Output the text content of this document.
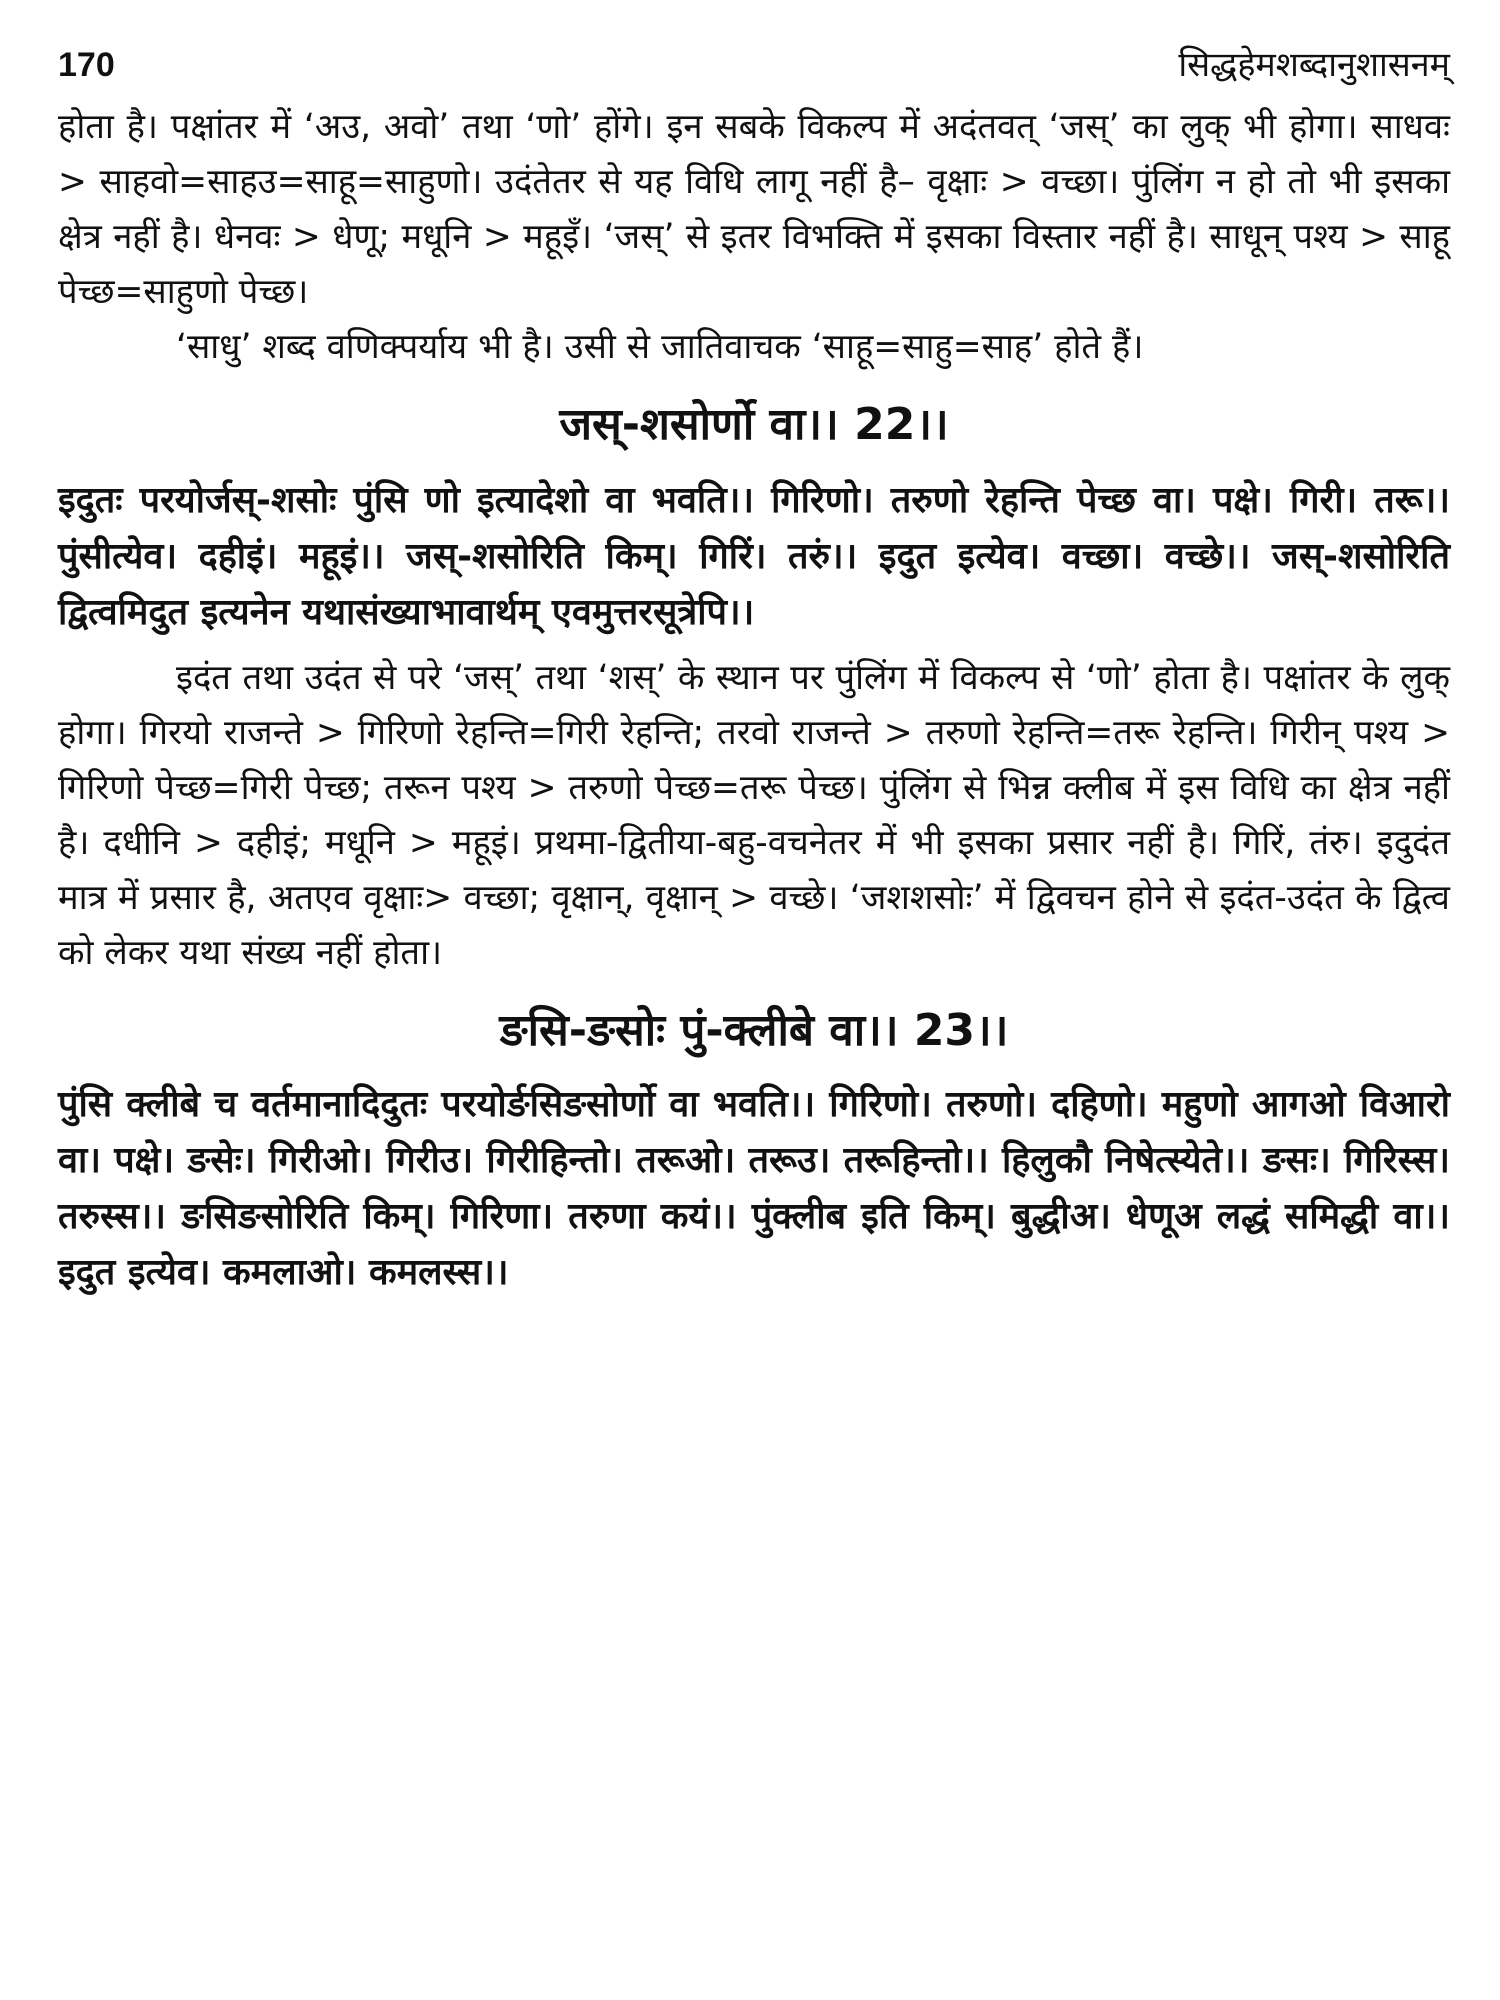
170	सिद्धहेमशब्दानुशासनम्

होता है। पक्षांतर में ‘अउ, अवो’ तथा ‘णो’ होंगे। इन सबके विकल्प में अदंतवत् ‘जस्’ का लुक् भी होगा। साधवः > साहवो=साहउ=साहू=साहुणो। उदंतेतर से यह विधि लागू नहीं है– वृक्षाः > वच्छा। पुंलिंग न हो तो भी इसका क्षेत्र नहीं है। धेनवः > धेणू; मधूनि > महूइँ। ‘जस्’ से इतर विभक्ति में इसका विस्तार नहीं है। साधून् पश्य > साहू पेच्छ=साहुणो पेच्छ।

‘साधु’ शब्द वणिक्पर्याय भी है। उसी से जातिवाचक ‘साहू=साहु=साह’ होते हैं।

जस्-शसोर्णो वा।। 22।।

इदुतः परयोर्जस्-शसोः पुंसि णो इत्यादेशो वा भवति।। गिरिणो। तरुणो रेहन्ति पेच्छ वा। पक्षे। गिरी। तरू।। पुंसीत्येव। दहीइं। महूइं।। जस्-शसोरिति किम्। गिरिं। तरुं।। इदुत इत्येव। वच्छा। वच्छे।। जस्-शसोरिति द्वित्वमिदुत इत्यनेन यथासंख्याभावार्थम् एवमुत्तरसूत्रेपि।।

इदंत तथा उदंत से परे ‘जस्’ तथा ‘शस्’ के स्थान पर पुंलिंग में विकल्प से ‘णो’ होता है। पक्षांतर के लुक् होगा। गिरयो राजन्ते > गिरिणो रेहन्ति=गिरी रेहन्ति; तरवो राजन्ते > तरुणो रेहन्ति=तरू रेहन्ति। गिरीन् पश्य > गिरिणो पेच्छ=गिरी पेच्छ; तरून पश्य > तरुणो पेच्छ=तरू पेच्छ। पुंलिंग से भिन्न क्लीब में इस विधि का क्षेत्र नहीं है। दधीनि > दहीइं; मधूनि > महूइं। प्रथमा-द्वितीया-बहु-वचनेतर में भी इसका प्रसार नहीं है। गिरिं, तंरु। इदुदंत मात्र में प्रसार है, अतएव वृक्षाः> वच्छा; वृक्षान्, वृक्षान् > वच्छे। ‘जशशसोः’ में द्विवचन होने से इदंत-उदंत के द्वित्व को लेकर यथा संख्य नहीं होता।

ङसि-ङसोः पुं-क्लीबे वा।। 23।।

पुंसि क्लीबे च वर्तमानादिदुतः परयोर्ङसिङसोर्णो वा भवति।। गिरिणो। तरुणो। दहिणो। महुणो आगओ विआरो वा। पक्षे। ङसेः। गिरीओ। गिरीउ। गिरीहिन्तो। तरूओ। तरूउ। तरूहिन्तो।। हिलुकौ निषेत्स्येते।। ङसः। गिरिस्स। तरुस्स।। ङसिङसोरिति किम्। गिरिणा। तरुणा कयं।। पुंक्लीब इति किम्। बुद्धीअ। धेणूअ लद्धं समिद्धी वा।। इदुत इत्येव। कमलाओ। कमलस्स।।
